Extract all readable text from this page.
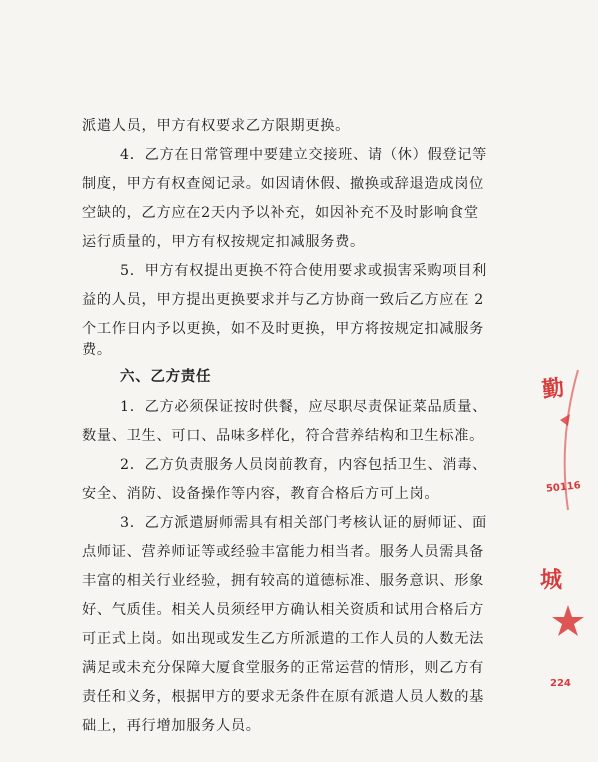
派遣人员，甲方有权要求乙方限期更换。
4．乙方在日常管理中要建立交接班、请（休）假登记等
制度，甲方有权查阅记录。如因请休假、撤换或辞退造成岗位
空缺的，乙方应在2天内予以补充，如因补充不及时影响食堂
运行质量的，甲方有权按规定扣减服务费。
5．甲方有权提出更换不符合使用要求或损害采购项目利
益的人员，甲方提出更换要求并与乙方协商一致后乙方应在 2
个工作日内予以更换，如不及时更换，甲方将按规定扣减服务
费。
六、乙方责任
1．乙方必须保证按时供餐，应尽职尽责保证菜品质量、
数量、卫生、可口、品味多样化，符合营养结构和卫生标准。
2．乙方负责服务人员岗前教育，内容包括卫生、消毒、
安全、消防、设备操作等内容，教育合格后方可上岗。
3．乙方派遣厨师需具有相关部门考核认证的厨师证、面
点师证、营养师证等或经验丰富能力相当者。服务人员需具备
丰富的相关行业经验，拥有较高的道德标准、服务意识、形象
好、气质佳。相关人员须经甲方确认相关资质和试用合格后方
可正式上岗。如出现或发生乙方所派遣的工作人员的人数无法
满足或未充分保障大厦食堂服务的正常运营的情形，则乙方有
责任和义务，根据甲方的要求无条件在原有派遣人员人数的基
础上，再行增加服务人员。
勤
50116
城
224
